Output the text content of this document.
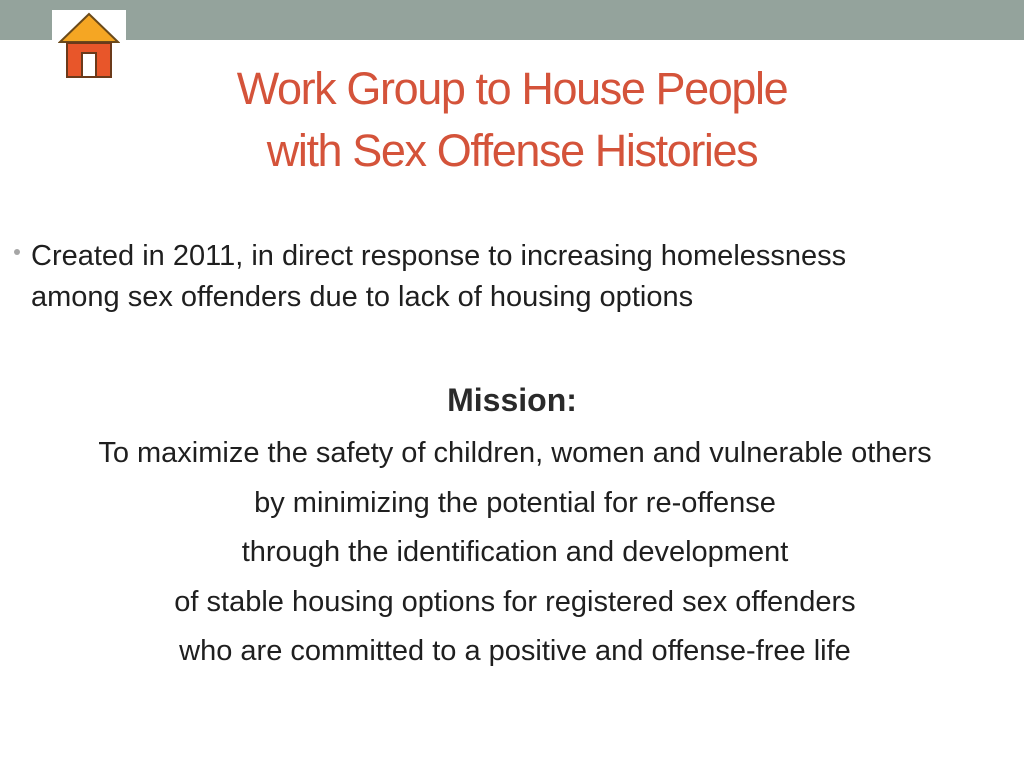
Work Group to House People
with Sex Offense Histories
Created in 2011, in direct response to increasing homelessness
among sex offenders due to lack of housing options
Mission:
To maximize the safety of children, women and vulnerable others
by minimizing the potential for re-offense
through the identification and development
of stable housing options for registered sex offenders
who are committed to a positive and offense-free life
